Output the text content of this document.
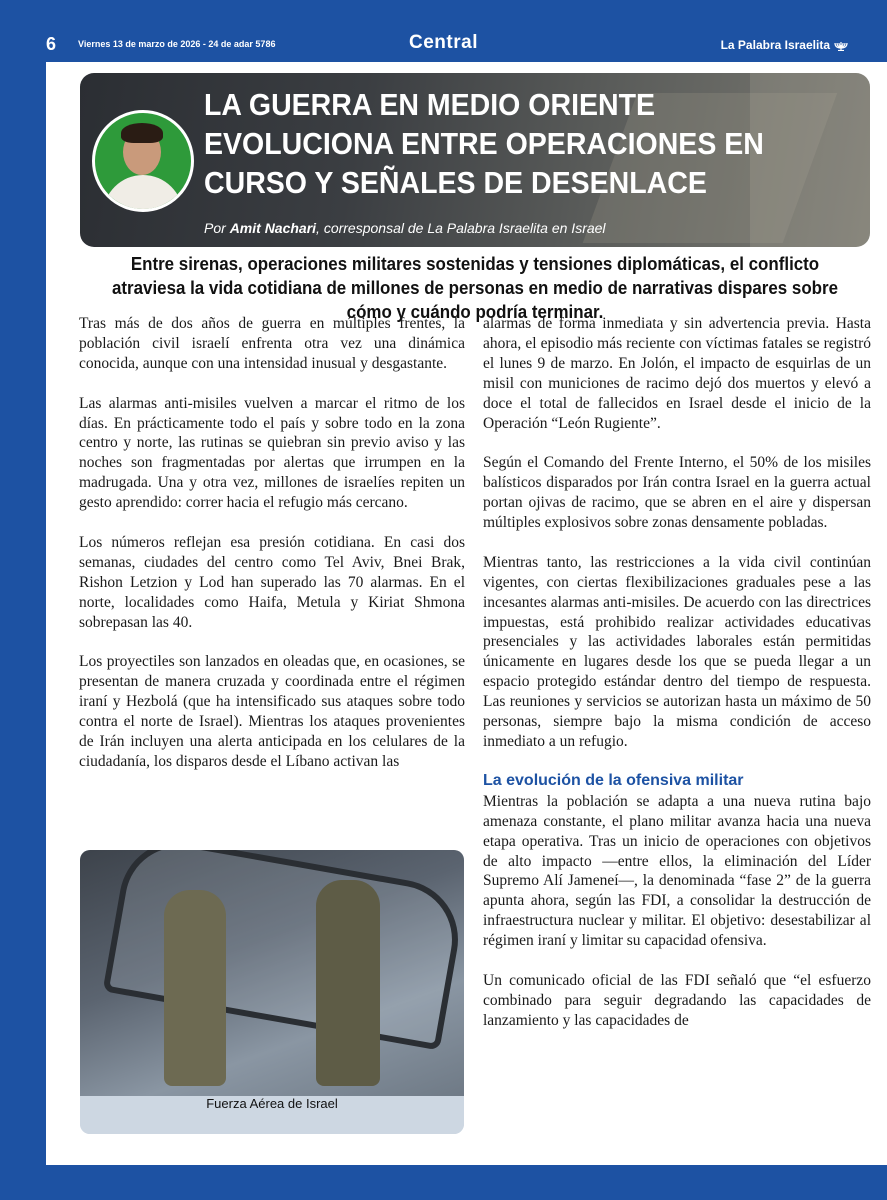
6 Viernes 13 de marzo de 2026 - 24 de adar 5786	Central	La Palabra Israelita
LA GUERRA EN MEDIO ORIENTE EVOLUCIONA ENTRE OPERACIONES EN CURSO Y SEÑALES DE DESENLACE
Por Amit Nachari, corresponsal de La Palabra Israelita en Israel
Entre sirenas, operaciones militares sostenidas y tensiones diplomáticas, el conflicto atraviesa la vida cotidiana de millones de personas en medio de narrativas dispares sobre cómo y cuándo podría terminar.

Tras más de dos años de guerra en múltiples frentes, la población civil israelí enfrenta otra vez una dinámica conocida, aunque con una intensidad inusual y desgastante.

Las alarmas anti-misiles vuelven a marcar el ritmo de los días. En prácticamente todo el país y sobre todo en la zona centro y norte, las rutinas se quiebran sin previo aviso y las noches son fragmentadas por alertas que irrumpen en la madrugada. Una y otra vez, millones de israelíes repiten un gesto aprendido: correr hacia el refugio más cercano.

Los números reflejan esa presión cotidiana. En casi dos semanas, ciudades del centro como Tel Aviv, Bnei Brak, Rishon Letzion y Lod han superado las 70 alarmas. En el norte, localidades como Haifa, Metula y Kiriat Shmona sobrepasan las 40.

Los proyectiles son lanzados en oleadas que, en ocasiones, se presentan de manera cruzada y coordinada entre el régimen iraní y Hezbolá (que ha intensificado sus ataques sobre todo contra el norte de Israel). Mientras los ataques provenientes de Irán incluyen una alerta anticipada en los celulares de la ciudadanía, los disparos desde el Líbano activan las

alarmas de forma inmediata y sin advertencia previa. Hasta ahora, el episodio más reciente con víctimas fatales se registró el lunes 9 de marzo. En Jolón, el impacto de esquirlas de un misil con municiones de racimo dejó dos muertos y elevó a doce el total de fallecidos en Israel desde el inicio de la Operación “León Rugiente”.

Según el Comando del Frente Interno, el 50% de los misiles balísticos disparados por Irán contra Israel en la guerra actual portan ojivas de racimo, que se abren en el aire y dispersan múltiples explosivos sobre zonas densamente pobladas.

Mientras tanto, las restricciones a la vida civil continúan vigentes, con ciertas flexibilizaciones graduales pese a las incesantes alarmas anti-misiles. De acuerdo con las directrices impuestas, está prohibido realizar actividades educativas presenciales y las actividades laborales están permitidas únicamente en lugares desde los que se pueda llegar a un espacio protegido estándar dentro del tiempo de respuesta. Las reuniones y servicios se autorizan hasta un máximo de 50 personas, siempre bajo la misma condición de acceso inmediato a un refugio.

La evolución de la ofensiva militar

Mientras la población se adapta a una nueva rutina bajo amenaza constante, el plano militar avanza hacia una nueva etapa operativa. Tras un inicio de operaciones con objetivos de alto impacto —entre ellos, la eliminación del Líder Supremo Alí Jameneí—, la denominada “fase 2” de la guerra apunta ahora, según las FDI, a consolidar la destrucción de infraestructura nuclear y militar. El objetivo: desestabilizar al régimen iraní y limitar su capacidad ofensiva.

Un comunicado oficial de las FDI señaló que “el esfuerzo combinado para seguir degradando las capacidades de lanzamiento y las capacidades de

Fuerza Aérea de Israel
